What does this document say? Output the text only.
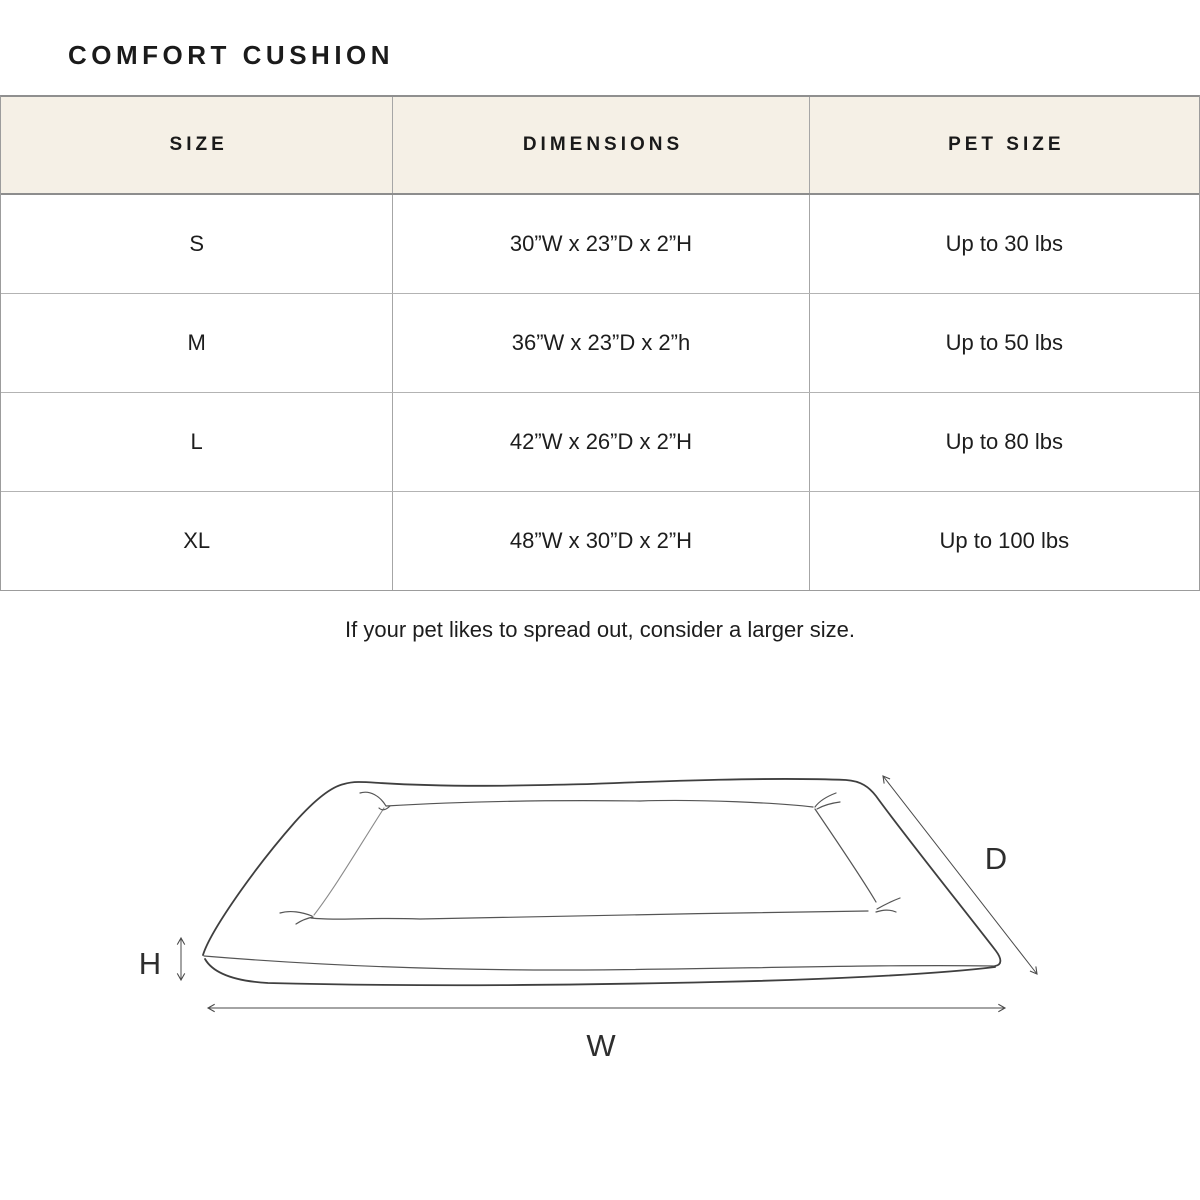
COMFORT CUSHION
SIZE	DIMENSIONS	PET SIZE
S	30”W x 23”D x 2”H	Up to 30 lbs
M	36”W x 23”D x 2”h	Up to 50 lbs
L	42”W x 26”D x 2”H	Up to 80 lbs
XL	48”W x 30”D x 2”H	Up to 100 lbs

If your pet likes to spread out, consider a larger size.

H
W
D
